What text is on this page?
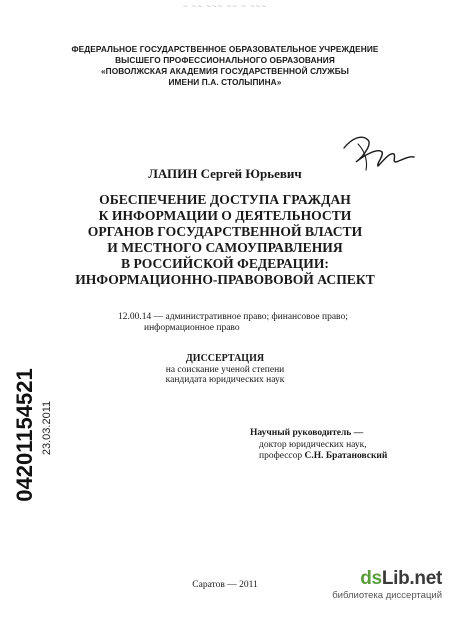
~ ~~ ~~~ ~~ ~ ~~~
ФЕДЕРАЛЬНОЕ ГОСУДАРСТВЕННОЕ ОБРАЗОВАТЕЛЬНОЕ УЧРЕЖДЕНИЕ
ВЫСШЕГО ПРОФЕССИОНАЛЬНОГО ОБРАЗОВАНИЯ
«ПОВОЛЖСКАЯ АКАДЕМИЯ ГОСУДАРСТВЕННОЙ СЛУЖБЫ
ИМЕНИ П.А. СТОЛЫПИНА»
ЛАПИН Сергей Юрьевич
ОБЕСПЕЧЕНИЕ ДОСТУПА ГРАЖДАН
К ИНФОРМАЦИИ О ДЕЯТЕЛЬНОСТИ
ОРГАНОВ ГОСУДАРСТВЕННОЙ ВЛАСТИ
И МЕСТНОГО САМОУПРАВЛЕНИЯ
В РОССИЙСКОЙ ФЕДЕРАЦИИ:
ИНФОРМАЦИОННО-ПРАВОВОВОЙ АСПЕКТ
12.00.14 — административное право; финансовое право;
информационное право
ДИССЕРТАЦИЯ
на соискание ученой степени
кандидата юридических наук
Научный руководитель —
доктор юридических наук,
профессор С.Н. Братановский
04201154521 23.03.2011
Саратов — 2011	dsLib.net
библиотека диссертаций
